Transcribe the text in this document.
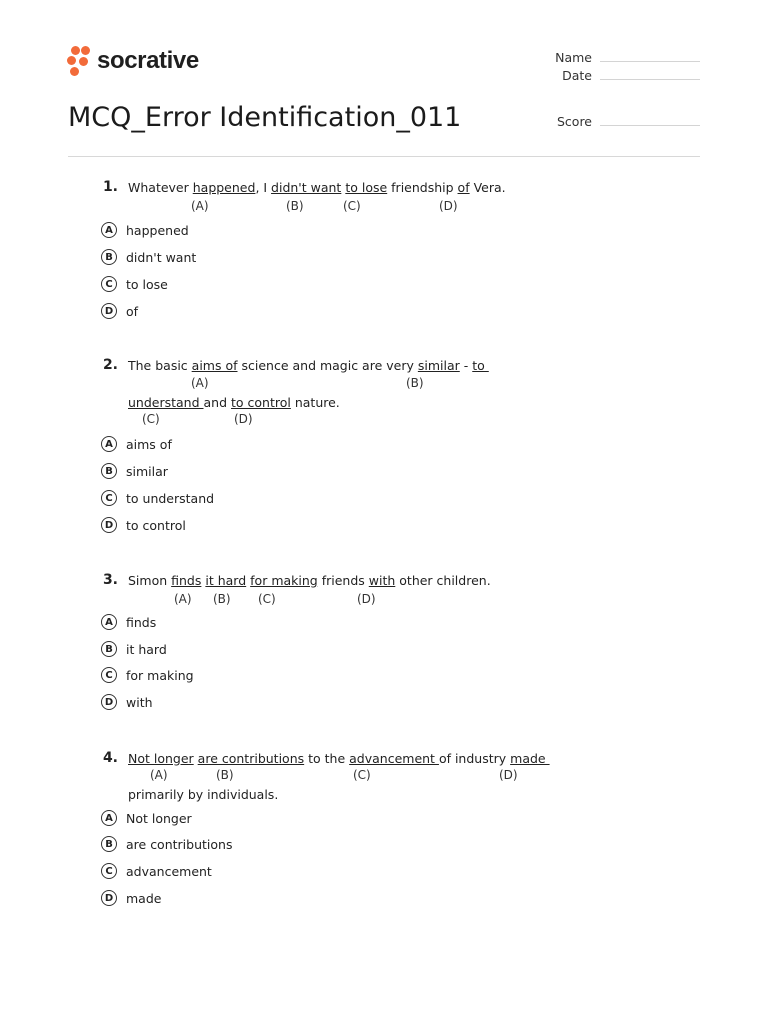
socrative	Name
Date
Score
MCQ_Error Identification_011
1. Whatever happened, I didn't want to lose friendship of Vera.
(A)	(B)	(C)	(D)
A	happened
B	didn't want
C	to lose
D	of
2. The basic aims of science and magic are very similar - to
(A)	(B)
understand and to control nature.
(C)	(D)
A	aims of
B	similar
C	to understand
D	to control
3. Simon finds it hard for making friends with other children.
(A) (B) (C)	(D)
A	finds
B	it hard
C	for making
D	with
4. Not longer are contributions to the advancement of industry made
(A)	(B)	(C)	(D)
primarily by individuals.
A	Not longer
B	are contributions
C	advancement
D	made
